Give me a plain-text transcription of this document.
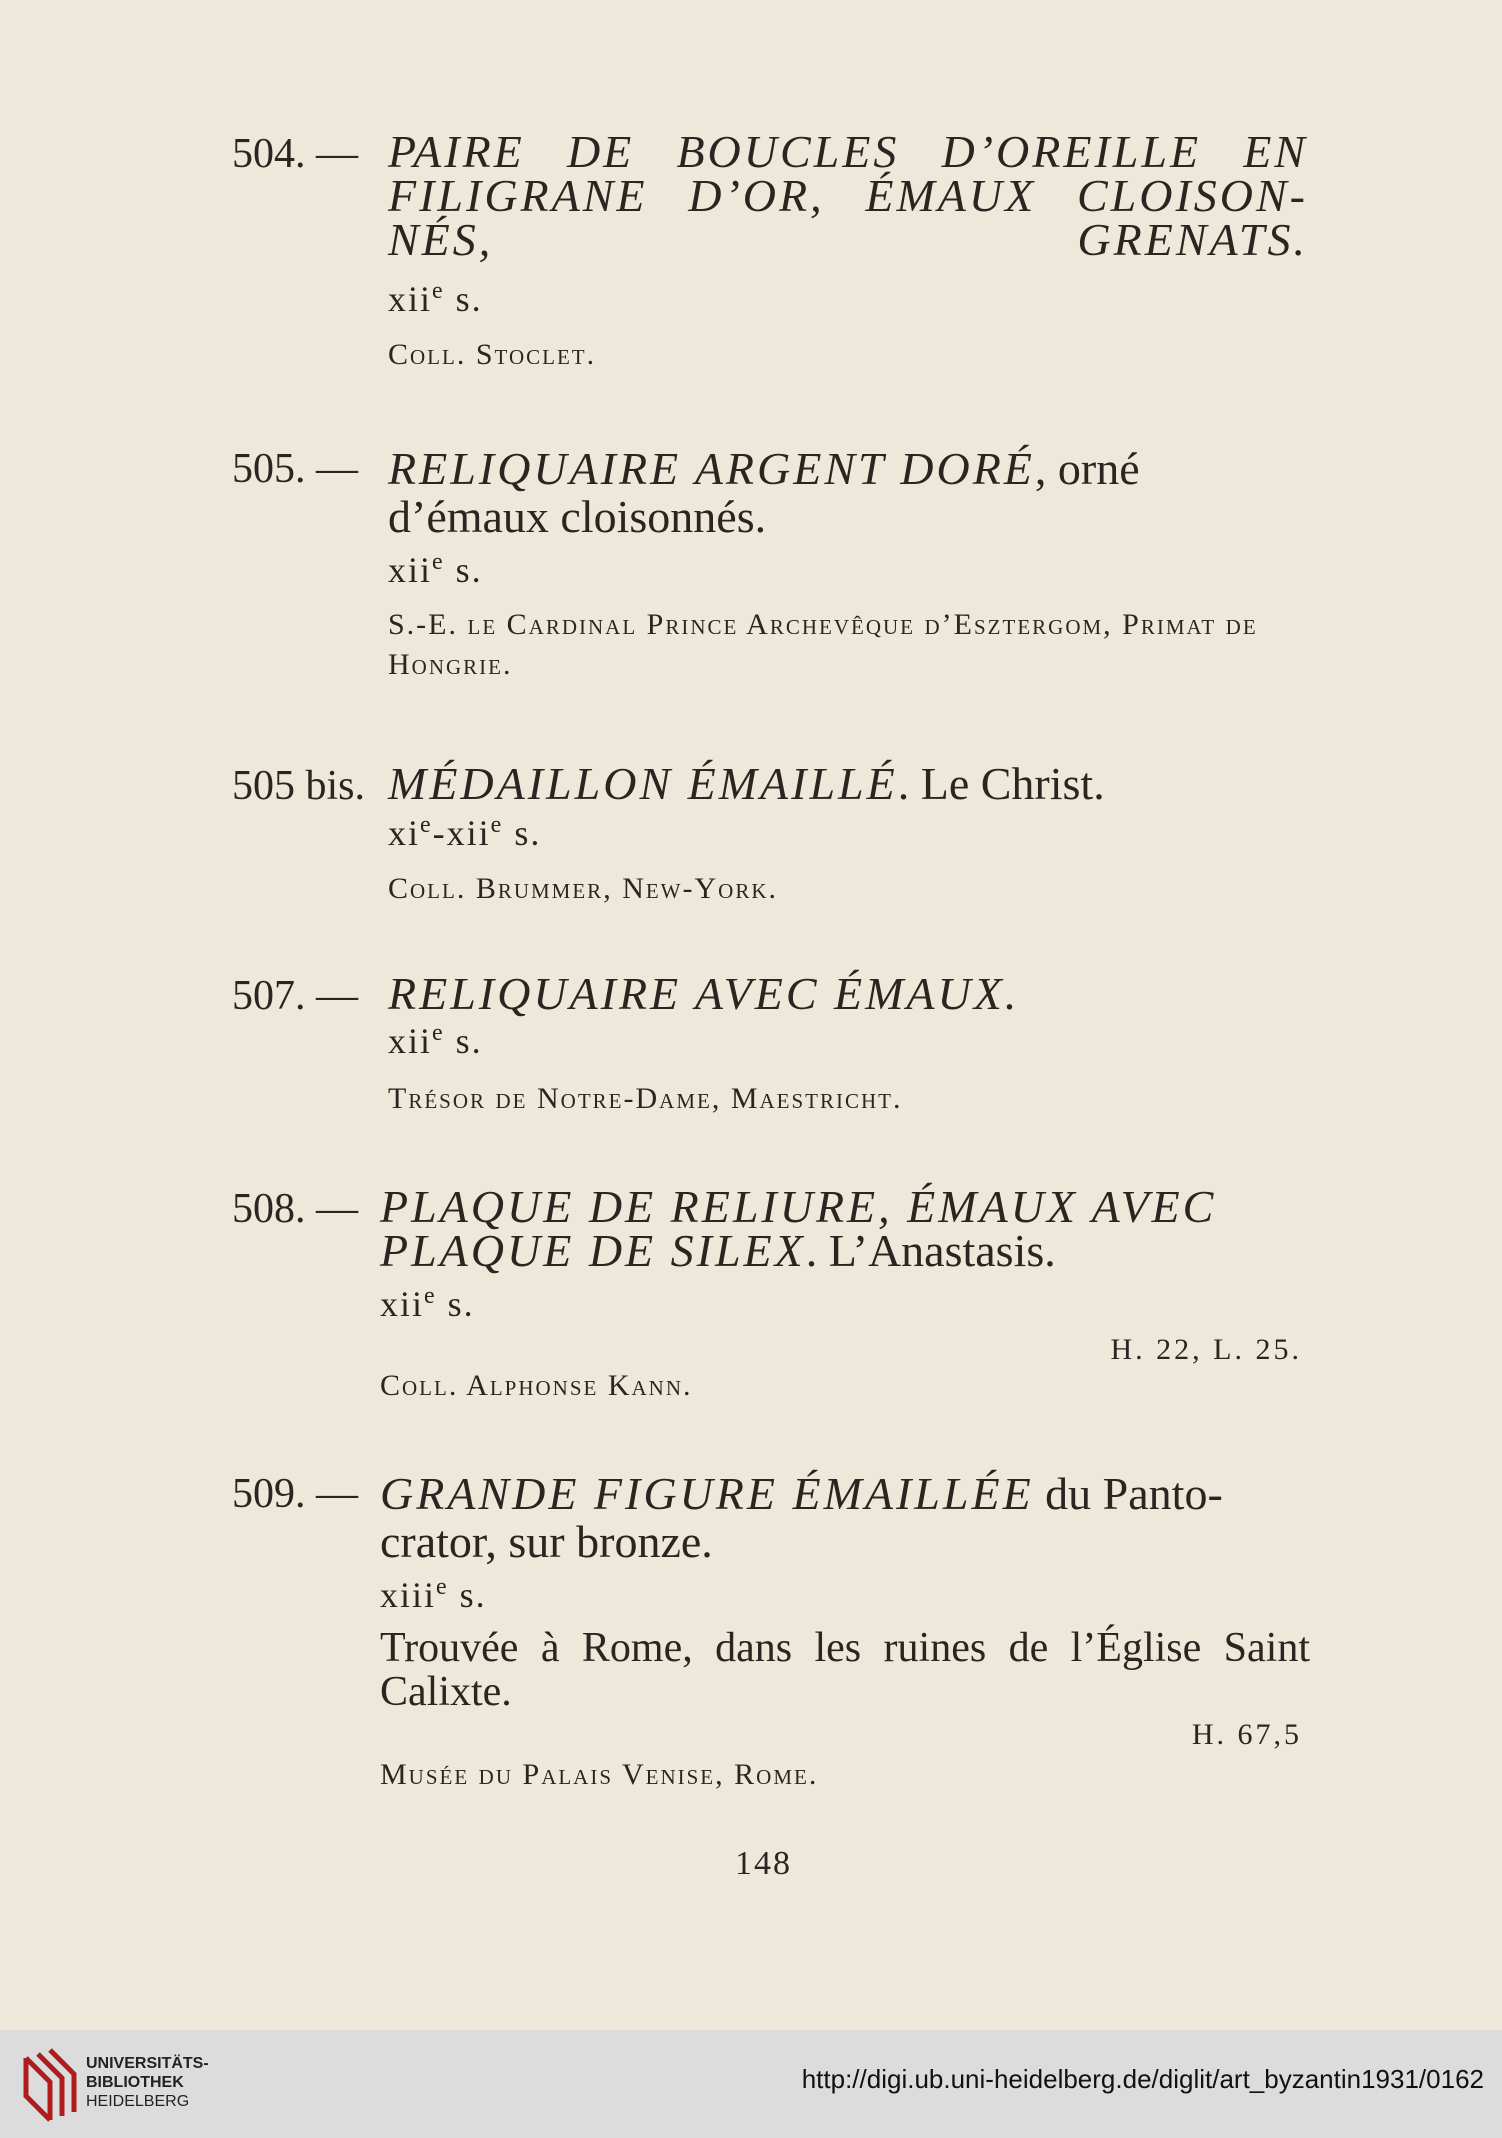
504. — PAIRE DE BOUCLES D’OREILLE EN FILIGRANE D’OR, ÉMAUX CLOISON-NÉS, GRENATS.
xii$^e$ s.
Coll. Stoclet.
505. — RELIQUAIRE ARGENT DORÉ, orné d’émaux cloisonnés.
xii$^e$ s.
S.-E. le Cardinal Prince Archevêque d’Esztergom, Primat de Hongrie.
505 bis. MÉDAILLON ÉMAILLÉ. Le Christ.
$xi^e-xii^e$ s.
Coll. Brummer, New-York.
507. — RELIQUAIRE AVEC ÉMAUX.
xii$^e$ s.
Trésor de Notre-Dame, Maestricht.
508. — PLAQUE DE RELIURE, ÉMAUX AVEC PLAQUE DE SILEX. L’Anastasis.
xii$^e$ s.
H. 22, L. 25.
Coll. Alphonse Kann.
509. — GRANDE FIGURE ÉMAILLÉE du Panto-crator, sur bronze.
xiii$^e$ s.
Trouvée à Rome, dans les ruines de l’Église Saint Calixte.
H. 67,5
Musée du Palais Venise, Rome.
148
UNIVERSITÄTS-
BIBLIOTHEK
HEIDELBERG
http://digi.ub.uni-heidelberg.de/diglit/art_byzantin1931/0162
